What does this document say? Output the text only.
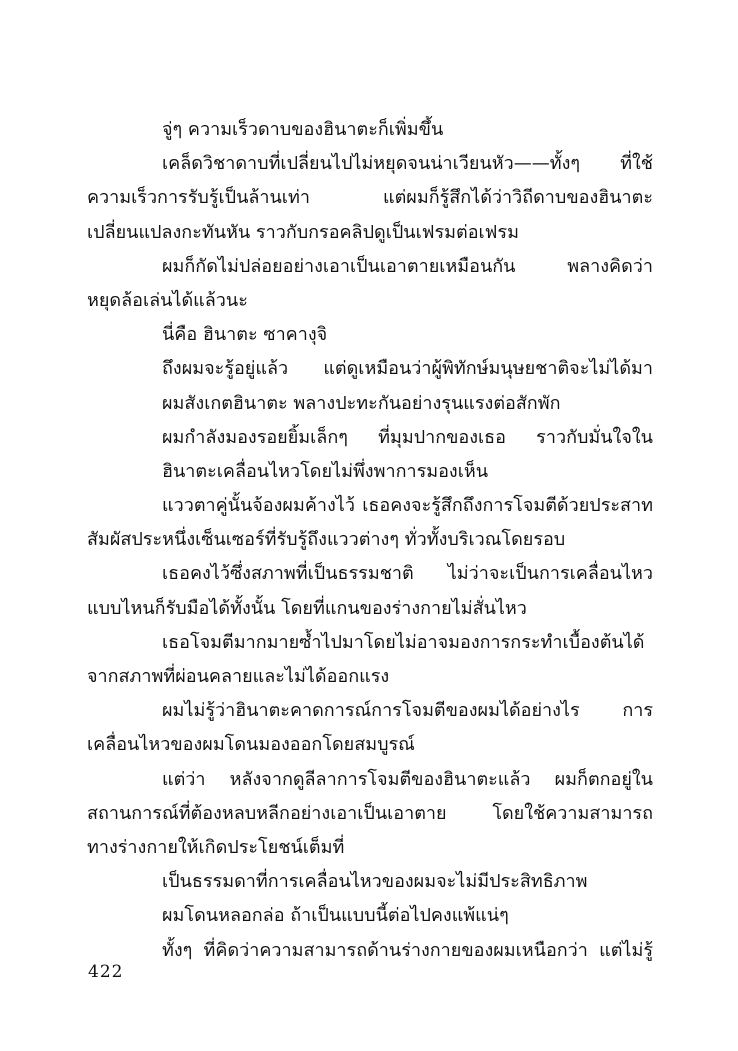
จู่ๆ ความเร็วดาบของฮินาตะก็เพิ่มขึ้น
เคล็ดวิชาดาบที่เปลี่ยนไปไม่หยุดจนน่าเวียนหัว——ทั้งๆ ที่ใช้
ความเร็วการรับรู้เป็นล้านเท่า แต่ผมก็รู้สึกได้ว่าวิถีดาบของฮินาตะ
เปลี่ยนแปลงกะทันหัน ราวกับกรอคลิปดูเป็นเฟรมต่อเฟรม
ผมก็กัดไม่ปล่อยอย่างเอาเป็นเอาตายเหมือนกัน พลางคิดว่า
หยุดล้อเล่นได้แล้วนะ
นี่คือ ฮินาตะ ซาคางุจิ
ถึงผมจะรู้อยู่แล้ว แต่ดูเหมือนว่าผู้พิทักษ์มนุษยชาติจะไม่ได้มา
ผมสังเกตฮินาตะ พลางปะทะกันอย่างรุนแรงต่อสักพัก
ผมกำลังมองรอยยิ้มเล็กๆ ที่มุมปากของเธอ ราวกับมั่นใจใน
ฮินาตะเคลื่อนไหวโดยไม่พึ่งพาการมองเห็น
แววตาคู่นั้นจ้องผมค้างไว้ เธอคงจะรู้สึกถึงการโจมตีด้วยประสาท
สัมผัสประหนึ่งเซ็นเซอร์ที่รับรู้ถึงแววต่างๆ ทั่วทั้งบริเวณโดยรอบ
เธอคงไว้ซึ่งสภาพที่เป็นธรรมชาติ ไม่ว่าจะเป็นการเคลื่อนไหว
แบบไหนก็รับมือได้ทั้งนั้น โดยที่แกนของร่างกายไม่สั่นไหว
เธอโจมตีมากมายซ้ำไปมาโดยไม่อาจมองการกระทำเบื้องต้นได้
จากสภาพที่ผ่อนคลายและไม่ได้ออกแรง
ผมไม่รู้ว่าฮินาตะคาดการณ์การโจมตีของผมได้อย่างไร การ
เคลื่อนไหวของผมโดนมองออกโดยสมบูรณ์
แต่ว่า หลังจากดูลีลาการโจมตีของฮินาตะแล้ว ผมก็ตกอยู่ใน
สถานการณ์ที่ต้องหลบหลีกอย่างเอาเป็นเอาตาย โดยใช้ความสามารถ
ทางร่างกายให้เกิดประโยชน์เต็มที่
เป็นธรรมดาที่การเคลื่อนไหวของผมจะไม่มีประสิทธิภาพ
ผมโดนหลอกล่อ ถ้าเป็นแบบนี้ต่อไปคงแพ้แน่ๆ
ทั้งๆ ที่คิดว่าความสามารถด้านร่างกายของผมเหนือกว่า แต่ไม่รู้
422
